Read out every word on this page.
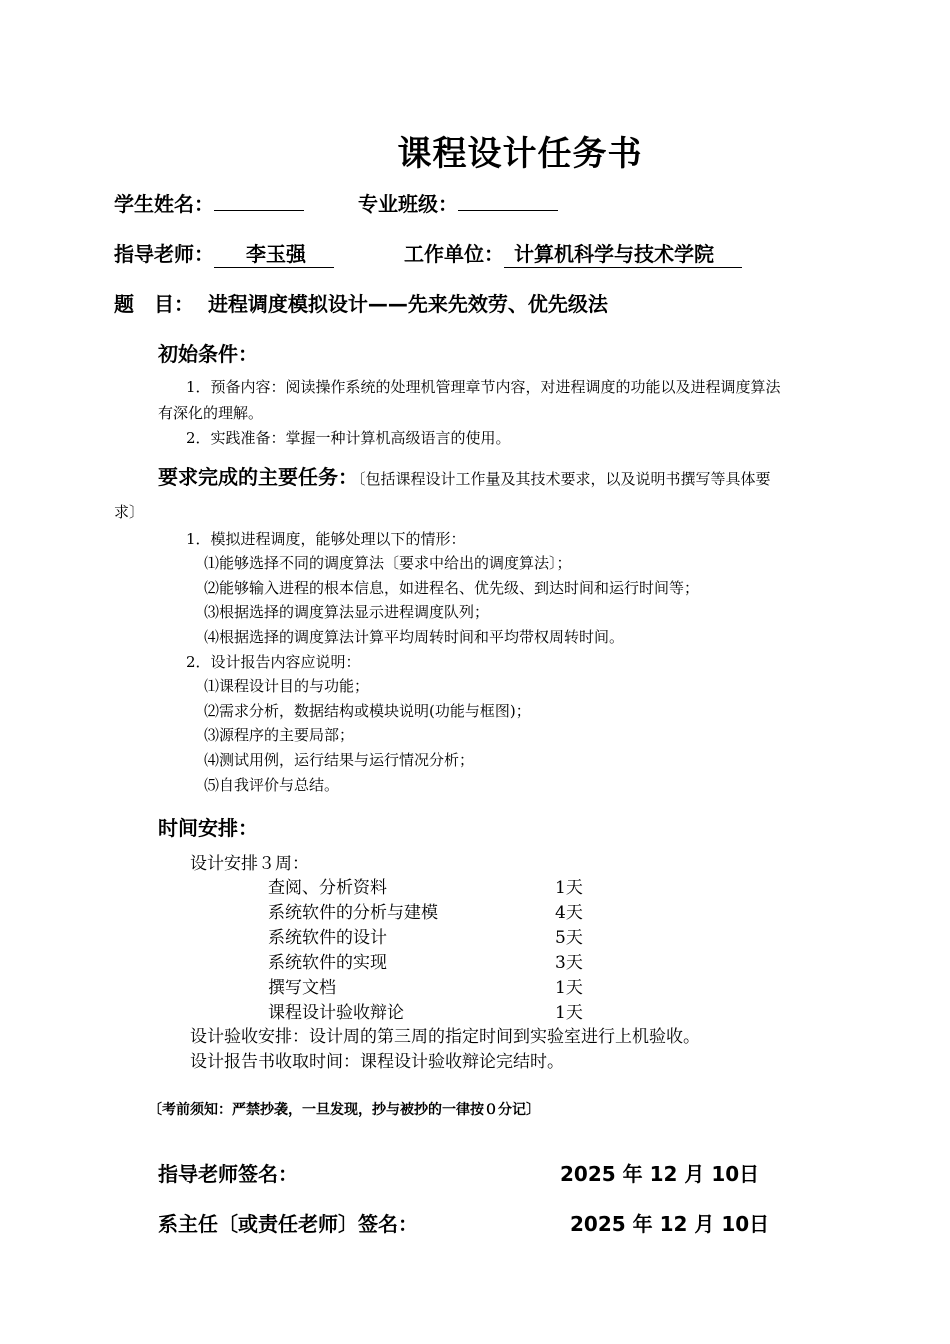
课程设计任务书
学生姓名：	专业班级：
指导老师： 李玉强	工作单位： 计算机科学与技术学院
题　目： 进程调度模拟设计——先来先效劳、优先级法
初始条件：
1．预备内容：阅读操作系统的处理机管理章节内容，对进程调度的功能以及进程调度算法
有深化的理解。
2．实践准备：掌握一种计算机高级语言的使用。
要求完成的主要任务：〔包括课程设计工作量及其技术要求，以及说明书撰写等具体要
求〕
1．模拟进程调度，能够处理以下的情形：
⑴能够选择不同的调度算法〔要求中给出的调度算法〕；
⑵能够输入进程的根本信息，如进程名、优先级、到达时间和运行时间等；
⑶根据选择的调度算法显示进程调度队列；
⑷根据选择的调度算法计算平均周转时间和平均带权周转时间。
2．设计报告内容应说明：
⑴课程设计目的与功能；
⑵需求分析，数据结构或模块说明(功能与框图)；
⑶源程序的主要局部；
⑷测试用例，运行结果与运行情况分析；
⑸自我评价与总结。
时间安排：
设计安排３周：
查阅、分析资料	1天
系统软件的分析与建模	4天
系统软件的设计	5天
系统软件的实现	3天
撰写文档	1天
课程设计验收辩论	1天
设计验收安排：设计周的第三周的指定时间到实验室进行上机验收。
设计报告书收取时间：课程设计验收辩论完结时。
〔考前须知：严禁抄袭，一旦发现，抄与被抄的一律按０分记〕
指导老师签名：	2025 年 12 月 10日
系主任〔或责任老师〕签名：	2025 年 12 月 10日
